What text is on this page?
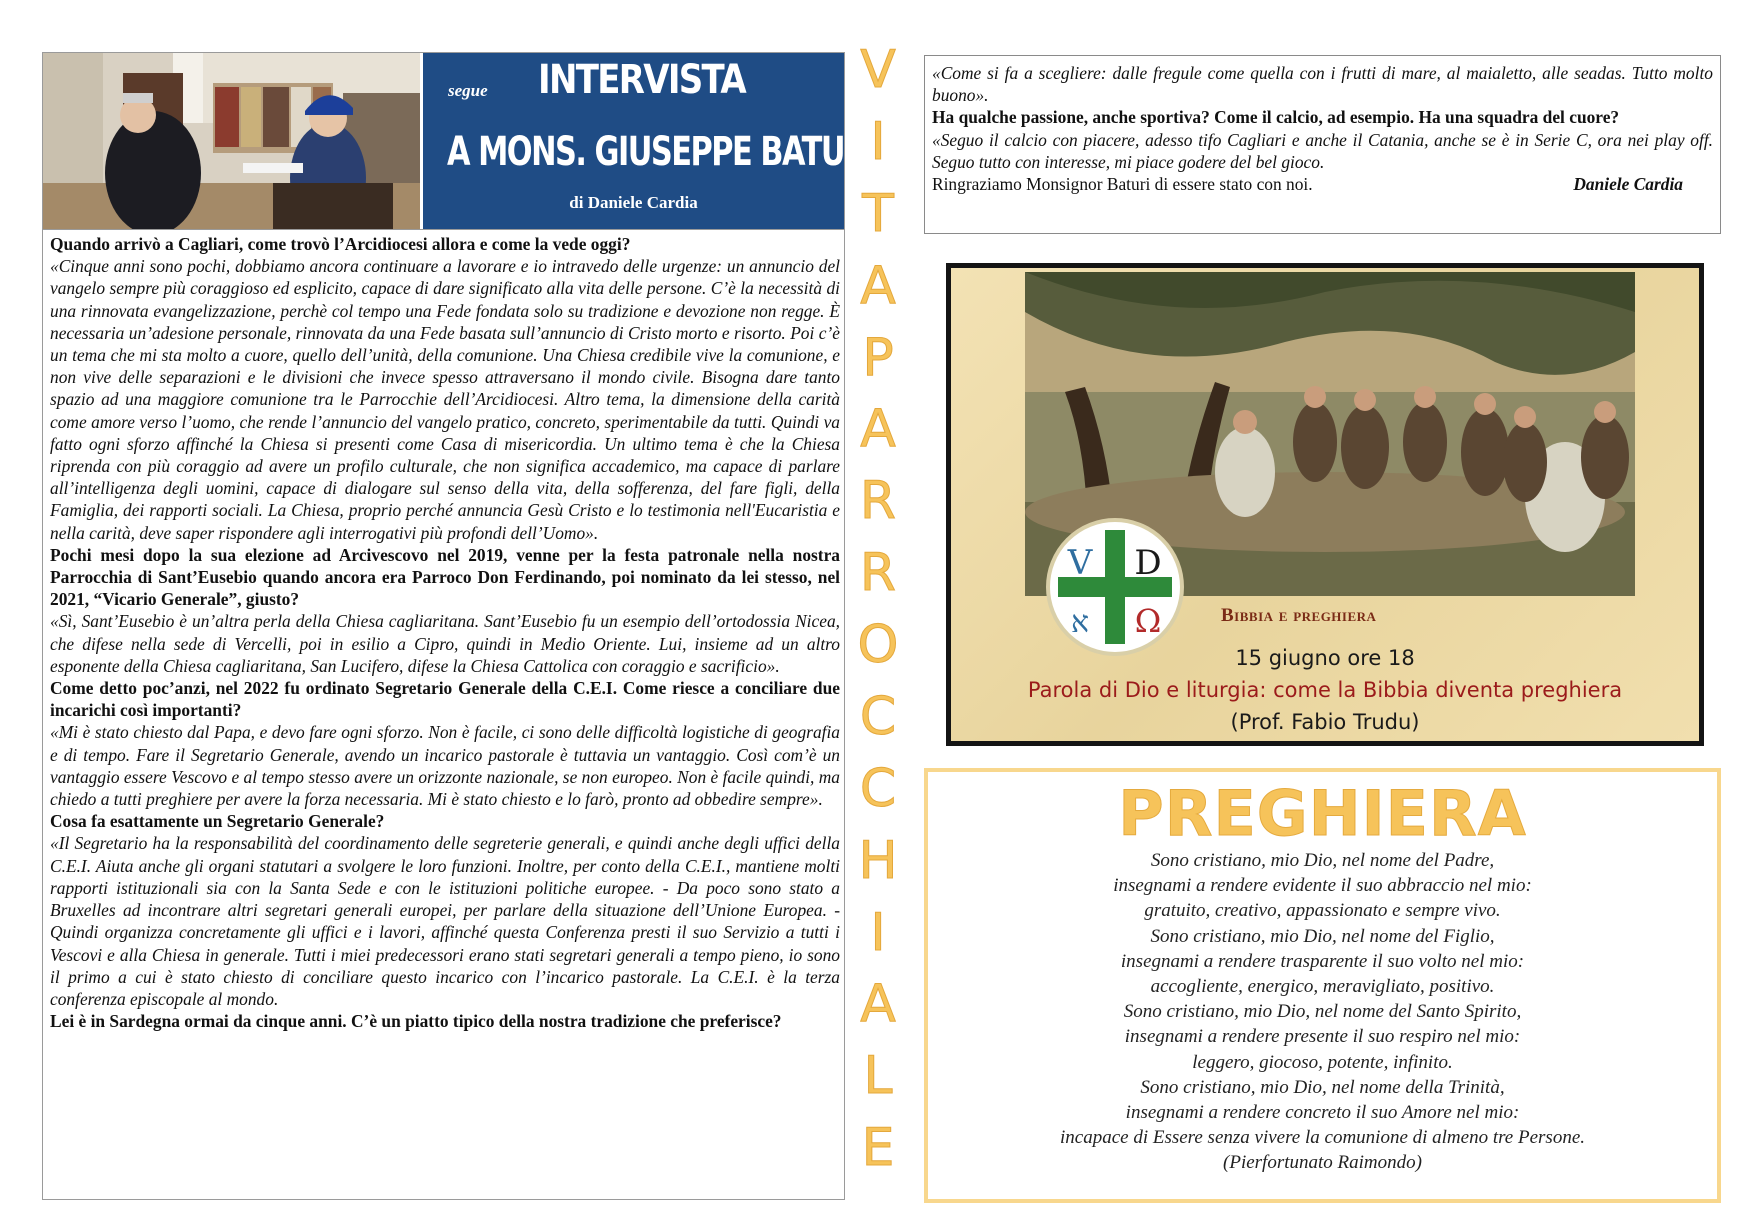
segue INTERVISTA
A MONS. GIUSEPPE BATURI
di Daniele Cardia

Quando arrivò a Cagliari, come trovò l’Arcidiocesi allora e come la vede oggi?

«Cinque anni sono pochi, dobbiamo ancora continuare a lavorare e io intravedo delle urgenze: un annuncio del vangelo sempre più coraggioso ed esplicito, capace di dare significato alla vita delle persone. C’è la necessità di una rinnovata evangelizzazione, perchè col tempo una Fede fondata solo su tradizione e devozione non regge. È necessaria un’adesione personale, rinnovata da una Fede basata sull’annuncio di Cristo morto e risorto. Poi c’è un tema che mi sta molto a cuore, quello dell’unità, della comunione. Una Chiesa credibile vive la comunione, e non vive delle separazioni e le divisioni che invece spesso attraversano il mondo civile. Bisogna dare tanto spazio ad una maggiore comunione tra le Parrocchie dell’Arcidiocesi. Altro tema, la dimensione della carità come amore verso l’uomo, che rende l’annuncio del vangelo pratico, concreto, sperimentabile da tutti. Quindi va fatto ogni sforzo affinché la Chiesa si presenti come Casa di misericordia. Un ultimo tema è che la Chiesa riprenda con più coraggio ad avere un profilo culturale, che non significa accademico, ma capace di parlare all’intelligenza degli uomini, capace di dialogare sul senso della vita, della sofferenza, del fare figli, della Famiglia, dei rapporti sociali. La Chiesa, proprio perché annuncia Gesù Cristo e lo testimonia nell'Eucaristia e nella carità, deve saper rispondere agli interrogativi più profondi dell’Uomo».

Pochi mesi dopo la sua elezione ad Arcivescovo nel 2019, venne per la festa patronale nella nostra Parrocchia di Sant’Eusebio quando ancora era Parroco Don Ferdinando, poi nominato da lei stesso, nel 2021, “Vicario Generale”, giusto?

«Sì, Sant’Eusebio è un’altra perla della Chiesa cagliaritana. Sant’Eusebio fu un esempio dell’ortodossia Nicea, che difese nella sede di Vercelli, poi in esilio a Cipro, quindi in Medio Oriente. Lui, insieme ad un altro esponente della Chiesa cagliaritana, San Lucifero, difese la Chiesa Cattolica con coraggio e sacrificio».

Come detto poc’anzi, nel 2022 fu ordinato Segretario Generale della C.E.I. Come riesce a conciliare due incarichi così importanti?

«Mi è stato chiesto dal Papa, e devo fare ogni sforzo. Non è facile, ci sono delle difficoltà logistiche di geografia e di tempo. Fare il Segretario Generale, avendo un incarico pastorale è tuttavia un vantaggio. Così com’è un vantaggio essere Vescovo e al tempo stesso avere un orizzonte nazionale, se non europeo. Non è facile quindi, ma chiedo a tutti preghiere per avere la forza necessaria. Mi è stato chiesto e lo farò, pronto ad obbedire sempre».

Cosa fa esattamente un Segretario Generale?

«Il Segretario ha la responsabilità del coordinamento delle segreterie generali, e quindi anche degli uffici della C.E.I. Aiuta anche gli organi statutari a svolgere le loro funzioni. Inoltre, per conto della C.E.I., mantiene molti rapporti istituzionali sia con la Santa Sede e con le istituzioni politiche europee. - Da poco sono stato a Bruxelles ad incontrare altri segretari generali europei, per parlare della situazione dell’Unione Europea. - Quindi organizza concretamente gli uffici e i lavori, affinché questa Conferenza presti il suo Servizio a tutti i Vescovi e alla Chiesa in generale. Tutti i miei predecessori erano stati segretari generali a tempo pieno, io sono il primo a cui è stato chiesto di conciliare questo incarico con l’incarico pastorale. La C.E.I. è la terza conferenza episcopale al mondo.

Lei è in Sardegna ormai da cinque anni. C’è un piatto tipico della nostra tradizione che preferisce?

V
I
T
A
P
A
R
R
O
C
C
H
I
A
L
E

«Come si fa a scegliere: dalle fregule come quella con i frutti di mare, al maialetto, alle seadas. Tutto molto buono».

Ha qualche passione, anche sportiva? Come il calcio, ad esempio. Ha una squadra del cuore?

«Seguo il calcio con piacere, adesso tifo Cagliari e anche il Catania, anche se è in Serie C, ora nei play off. Seguo tutto con interesse, mi piace godere del bel gioco.

Ringraziamo Monsignor Baturi di essere stato con noi.	Daniele Cardia

V D
א Ω	Bibbia e preghiera
15 giugno ore 18
Parola di Dio e liturgia: come la Bibbia diventa preghiera
(Prof. Fabio Trudu)
PREGHIERA
Sono cristiano, mio Dio, nel nome del Padre,
insegnami a rendere evidente il suo abbraccio nel mio:
gratuito, creativo, appassionato e sempre vivo.
Sono cristiano, mio Dio, nel nome del Figlio,
insegnami a rendere trasparente il suo volto nel mio:
accogliente, energico, meravigliato, positivo.
Sono cristiano, mio Dio, nel nome del Santo Spirito,
insegnami a rendere presente il suo respiro nel mio:
leggero, giocoso, potente, infinito.
Sono cristiano, mio Dio, nel nome della Trinità,
insegnami a rendere concreto il suo Amore nel mio:
incapace di Essere senza vivere la comunione di almeno tre Persone.
(Pierfortunato Raimondo)
